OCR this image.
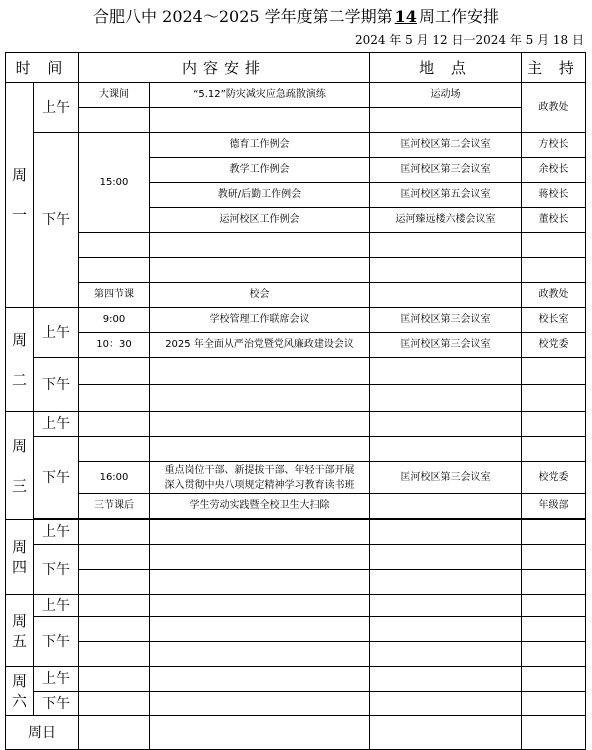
合肥八中 2024～2025 学年度第二学期第 14 周工作安排
2024 年 5 月 12 日一2024 年 5 月 18 日
时 间		内容安排		地 点	主 持
周

一	上午	大课间	“5.12”防灾减灾应急疏散演练	运动场	政教处

	下午	15:00	德育工作例会	匡河校区第二会议室	方校长
			教学工作例会	匡河校区第三会议室	余校长
			教研/后勤工作例会	匡河校区第五会议室	蒋校长
			运河校区工作例会	运河臻远楼六楼会议室	董校长

		第四节课	校会		政教处
周

二	上午	9:00	学校管理工作联席会议	匡河校区第三会议室	校长室
		10：30	2025 年全面从严治党暨党风廉政建设会议	匡河校区第三会议室	校党委
	下午				

周

三	上午				
	下午				
		16:00	重点岗位干部、新提拔干部、年轻干部开展
深入贯彻中央八项规定精神学习教育读书班	匡河校区第三会议室	校党委
		三节课后	学生劳动实践暨全校卫生大扫除		年级部

周
四	上午				
	下午				

周
五	上午				
	下午				

周
六	上午				
	下午				
周日					
